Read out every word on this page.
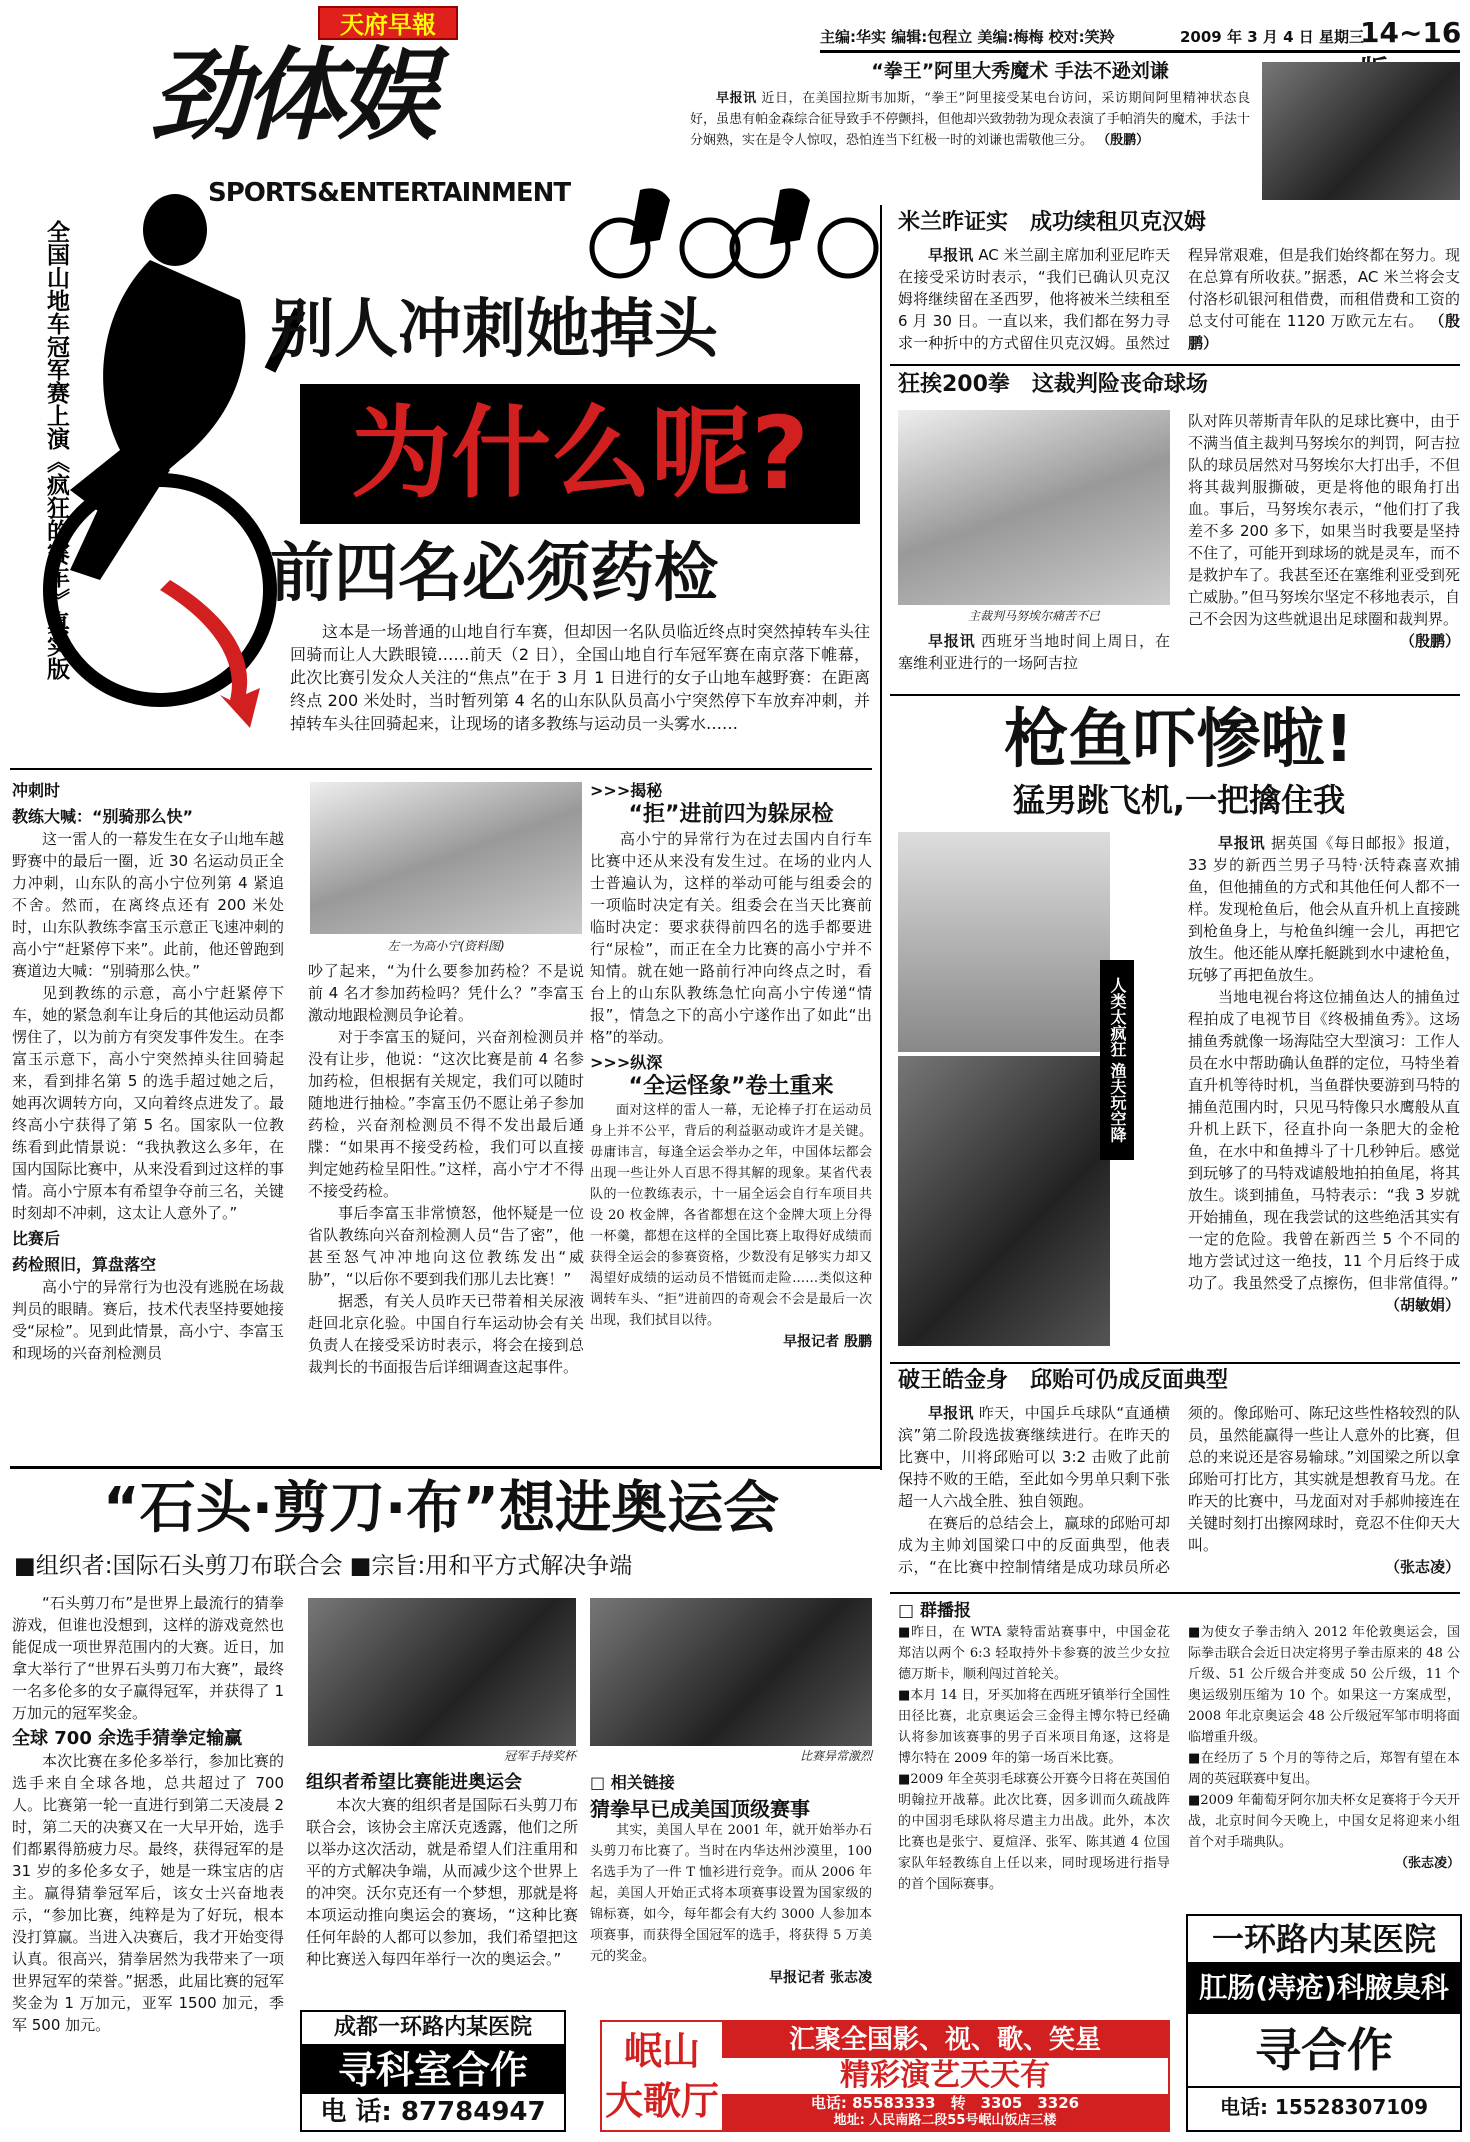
天府早報
劲体娱
SPORTS&ENTERTAINMENT
主编:华实 编辑:包程立 美编:梅梅 校对:笑羚	2009 年 3 月 4 日 星期三
14~16
“拳王”阿里大秀魔术 手法不逊刘谦
早报讯 近日，在美国拉斯韦加斯，“拳王”阿里接受某电台访问，采访期间阿里精神状态良好，虽患有帕金森综合征导致手不停颤抖，但他却兴致勃勃为现众表演了手帕消失的魔术，手法十分娴熟，实在是令人惊叹，恐怕连当下红极一时的刘谦也需敬他三分。 （殷鹏）
全国山地车冠军赛上演《疯狂的赛车》真实版	别人冲刺她掉头
为什么呢?
前四名必须药检

这本是一场普通的山地自行车赛，但却因一名队员临近终点时突然掉转车头往回骑而让人大跌眼镜……前天（2 日），全国山地自行车冠军赛在南京落下帷幕，此次比赛引发众人关注的“焦点”在于 3 月 1 日进行的女子山地车越野赛：在距离终点 200 米处时，当时暂列第 4 名的山东队队员高小宁突然停下车放弃冲刺，并掉转车头往回骑起来，让现场的诸多教练与运动员一头雾水……

冲刺时
教练大喊：“别骑那么快”

这一雷人的一幕发生在女子山地车越野赛中的最后一圈，近 30 名运动员正全力冲刺，山东队的高小宁位列第 4 紧追不舍。然而，在离终点还有 200 米处时，山东队教练李富玉示意正飞速冲刺的高小宁“赶紧停下来”。此前，他还曾跑到赛道边大喊：“别骑那么快。”

见到教练的示意，高小宁赶紧停下车，她的紧急刹车让身后的其他运动员都愣住了，以为前方有突发事件发生。在李富玉示意下，高小宁突然掉头往回骑起来，看到排名第 5 的选手超过她之后，她再次调转方向，又向着终点进发了。最终高小宁获得了第 5 名。国家队一位教练看到此情景说：“我执教这么多年，在国内国际比赛中，从来没看到过这样的事情。高小宁原本有希望争夺前三名，关键时刻却不冲刺，这太让人意外了。”

比赛后
药检照旧，算盘落空

高小宁的异常行为也没有逃脱在场裁判员的眼睛。赛后，技术代表坚持要她接受“尿检”。见到此情景，高小宁、李富玉和现场的兴奋剂检测员

左一为高小宁(资料图)

吵了起来，“为什么要参加药检？不是说前 4 名才参加药检吗？凭什么？”李富玉激动地跟检测员争论着。

对于李富玉的疑问，兴奋剂检测员并没有让步，他说：“这次比赛是前 4 名参加药检，但根据有关规定，我们可以随时随地进行抽检。”李富玉仍不愿让弟子参加药检，兴奋剂检测员不得不发出最后通牒：“如果再不接受药检，我们可以直接判定她药检呈阳性。”这样，高小宁才不得不接受药检。

事后李富玉非常愤怒，他怀疑是一位省队教练向兴奋剂检测人员“告了密”，他甚至怒气冲冲地向这位教练发出“威胁”，“以后你不要到我们那儿去比赛！”

据悉，有关人员昨天已带着相关尿液赶回北京化验。中国自行车运动协会有关负责人在接受采访时表示，将会在接到总裁判长的书面报告后详细调查这起事件。

>>>揭秘
“拒”进前四为躲尿检

高小宁的异常行为在过去国内自行车比赛中还从来没有发生过。在场的业内人士普遍认为，这样的举动可能与组委会的一项临时决定有关。组委会在当天比赛前临时决定：要求获得前四名的选手都要进行“尿检”，而正在全力比赛的高小宁并不知情。就在她一路前行冲向终点之时，看台上的山东队教练急忙向高小宁传递“情报”，情急之下的高小宁遂作出了如此“出格”的举动。

>>>纵深
“全运怪象”卷土重来

面对这样的雷人一幕，无论棒子打在运动员身上并不公平，背后的利益驱动或许才是关键。毋庸讳言，每逢全运会举办之年，中国体坛都会出现一些让外人百思不得其解的现象。某省代表队的一位教练表示，十一届全运会自行车项目共设 20 枚金牌，各省都想在这个金牌大项上分得一杯羹，都想在这样的全国比赛上取得好成绩而获得全运会的参赛资格，少数没有足够实力却又渴望好成绩的运动员不惜铤而走险……类似这种调转车头、“拒”进前四的奇观会不会是最后一次出现，我们拭目以待。

早报记者 殷鹏
米兰昨证实　成功续租贝克汉姆

早报讯 AC 米兰副主席加利亚尼昨天在接受采访时表示，“我们已确认贝克汉姆将继续留在圣西罗，他将被米兰续租至 6 月 30 日。一直以来，我们都在努力寻求一种折中的方式留住贝克汉姆。虽然过程异常艰难，但是我们始终都在努力。现在总算有所收获。”据悉，AC 米兰将会支付洛杉矶银河租借费，而租借费和工资的总支付可能在 1120 万欧元左右。 （殷鹏）

狂挨200拳　这裁判险丧命球场
主裁判马努埃尔痛苦不已

早报讯 西班牙当地时间上周日，在塞维利亚进行的一场阿吉拉

队对阵贝蒂斯青年队的足球比赛中，由于不满当值主裁判马努埃尔的判罚，阿吉拉队的球员居然对马努埃尔大打出手，不但将其裁判服撕破，更是将他的眼角打出血。事后，马努埃尔表示，“他们打了我差不多 200 多下，如果当时我要是坚持不住了，可能开到球场的就是灵车，而不是救护车了。我甚至还在塞维利亚受到死亡威胁。”但马努埃尔坚定不移地表示，自己不会因为这些就退出足球圈和裁判界。

（殷鹏）
枪鱼吓惨啦!
猛男跳飞机,一把擒住我
人类太疯狂 渔夫玩空降

早报讯 据英国《每日邮报》报道，33 岁的新西兰男子马特·沃特森喜欢捕鱼，但他捕鱼的方式和其他任何人都不一样。发现枪鱼后，他会从直升机上直接跳到枪鱼身上，与枪鱼纠缠一会儿，再把它放生。他还能从摩托艇跳到水中逮枪鱼，玩够了再把鱼放生。

当地电视台将这位捕鱼达人的捕鱼过程拍成了电视节目《终极捕鱼秀》。这场捕鱼秀就像一场海陆空大型演习：工作人员在水中帮助确认鱼群的定位，马特坐着直升机等待时机，当鱼群快要游到马特的捕鱼范围内时，只见马特像只水鹰般从直升机上跃下，径直扑向一条肥大的金枪鱼，在水中和鱼搏斗了十几秒钟后。感觉到玩够了的马特戏谑般地拍拍鱼尾，将其放生。谈到捕鱼，马特表示：“我 3 岁就开始捕鱼，现在我尝试的这些绝活其实有一定的危险。我曾在新西兰 5 个不同的地方尝试过这一绝技，11 个月后终于成功了。我虽然受了点擦伤，但非常值得。”

（胡敏娟）
破王皓金身　邱贻可仍成反面典型

早报讯 昨天，中国乒乓球队“直通横滨”第二阶段选拔赛继续进行。在昨天的比赛中，川将邱贻可以 3:2 击败了此前保持不败的王皓，至此如今男单只剩下张超一人六战全胜、独自领跑。

在赛后的总结会上，赢球的邱贻可却成为主帅刘国梁口中的反面典型，他表示，“在比赛中控制情绪是成功球员所必须的。像邱贻可、陈玘这些性格较烈的队员，虽然能赢得一些让人意外的比赛，但总的来说还是容易输球。”刘国梁之所以拿邱贻可打比方，其实就是想教育马龙。在昨天的比赛中，马龙面对对手郝帅接连在关键时刻打出擦网球时，竟忍不住仰天大叫。

（张志凌）
□ 群播报

■昨日，在 WTA 蒙特雷站赛事中，中国金花郑洁以两个 6:3 轻取持外卡参赛的波兰少女拉德万斯卡，顺利闯过首轮关。

■本月 14 日，牙买加将在西班牙镇举行全国性田径比赛，北京奥运会三金得主博尔特已经确认将参加该赛事的男子百米项目角逐，这将是博尔特在 2009 年的第一场百米比赛。

■2009 年全英羽毛球赛公开赛今日将在英国伯明翰拉开战幕。此次比赛，因多训而久疏战阵的中国羽毛球队将尽遣主力出战。此外，本次比赛也是张宁、夏煊泽、张军、陈其遒 4 位国家队年轻教练自上任以来，同时现场进行指导的首个国际赛事。

■为使女子拳击纳入 2012 年伦敦奥运会，国际拳击联合会近日决定将男子拳击原来的 48 公斤级、51 公斤级合并变成 50 公斤级，11 个奥运级别压缩为 10 个。如果这一方案成型，2008 年北京奥运会 48 公斤级冠军邹市明将面临增重升级。

■在经历了 5 个月的等待之后，郑智有望在本周的英冠联赛中复出。

■2009 年葡萄牙阿尔加夫杯女足赛将于今天开战，北京时间今天晚上，中国女足将迎来小组首个对手瑞典队。

（张志凌）
“石头·剪刀·布”想进奥运会
■组织者:国际石头剪刀布联合会 ■宗旨:用和平方式解决争端

“石头剪刀布”是世界上最流行的猜拳游戏，但谁也没想到，这样的游戏竟然也能促成一项世界范围内的大赛。近日，加拿大举行了“世界石头剪刀布大赛”，最终一名多伦多的女子赢得冠军，并获得了 1 万加元的冠军奖金。

全球 700 余选手猜拳定输赢

本次比赛在多伦多举行，参加比赛的选手来自全球各地，总共超过了 700人。比赛第一轮一直进行到第二天凌晨 2 时，第二天的决赛又在一大早开始，选手们都累得筋疲力尽。最终，获得冠军的是 31 岁的多伦多女子，她是一珠宝店的店主。赢得猜拳冠军后，该女士兴奋地表示，“参加比赛，纯粹是为了好玩，根本没打算赢。当进入决赛后，我才开始变得认真。很高兴，猜拳居然为我带来了一项世界冠军的荣誉。”据悉，此届比赛的冠军奖金为 1 万加元，亚军 1500 加元，季军 500 加元。

冠军手持奖杯
组织者希望比赛能进奥运会

本次大赛的组织者是国际石头剪刀布联合会，该协会主席沃克透露，他们之所以举办这次活动，就是希望人们注重用和平的方式解决争端，从而减少这个世界上的冲突。沃尔克还有一个梦想，那就是将本项运动推向奥运会的赛场，“这种比赛任何年龄的人都可以参加，我们希望把这种比赛送入每四年举行一次的奥运会。”

比赛异常激烈
□ 相关链接
猜拳早已成美国顶级赛事

其实，美国人早在 2001 年，就开始举办石头剪刀布比赛了。当时在内华达州沙漠里，100 名选手为了一件 T 恤衫进行竞争。而从 2006 年起，美国人开始正式将本项赛事设置为国家级的锦标赛，如今，每年都会有大约 3000 人参加本项赛事，而获得全国冠军的选手，将获得 5 万美元的奖金。

早报记者 张志凌
成都一环路内某医院
寻科室合作
电 话: 87784947
岷山
大歌厅
汇聚全国影、视、歌、笑星
精彩演艺天天有
电话: 85583333　转　3305　3326
地址: 人民南路二段55号岷山饭店三楼
一环路内某医院
肛肠(痔疮)科腋臭科
寻合作
电话: 15528307109
